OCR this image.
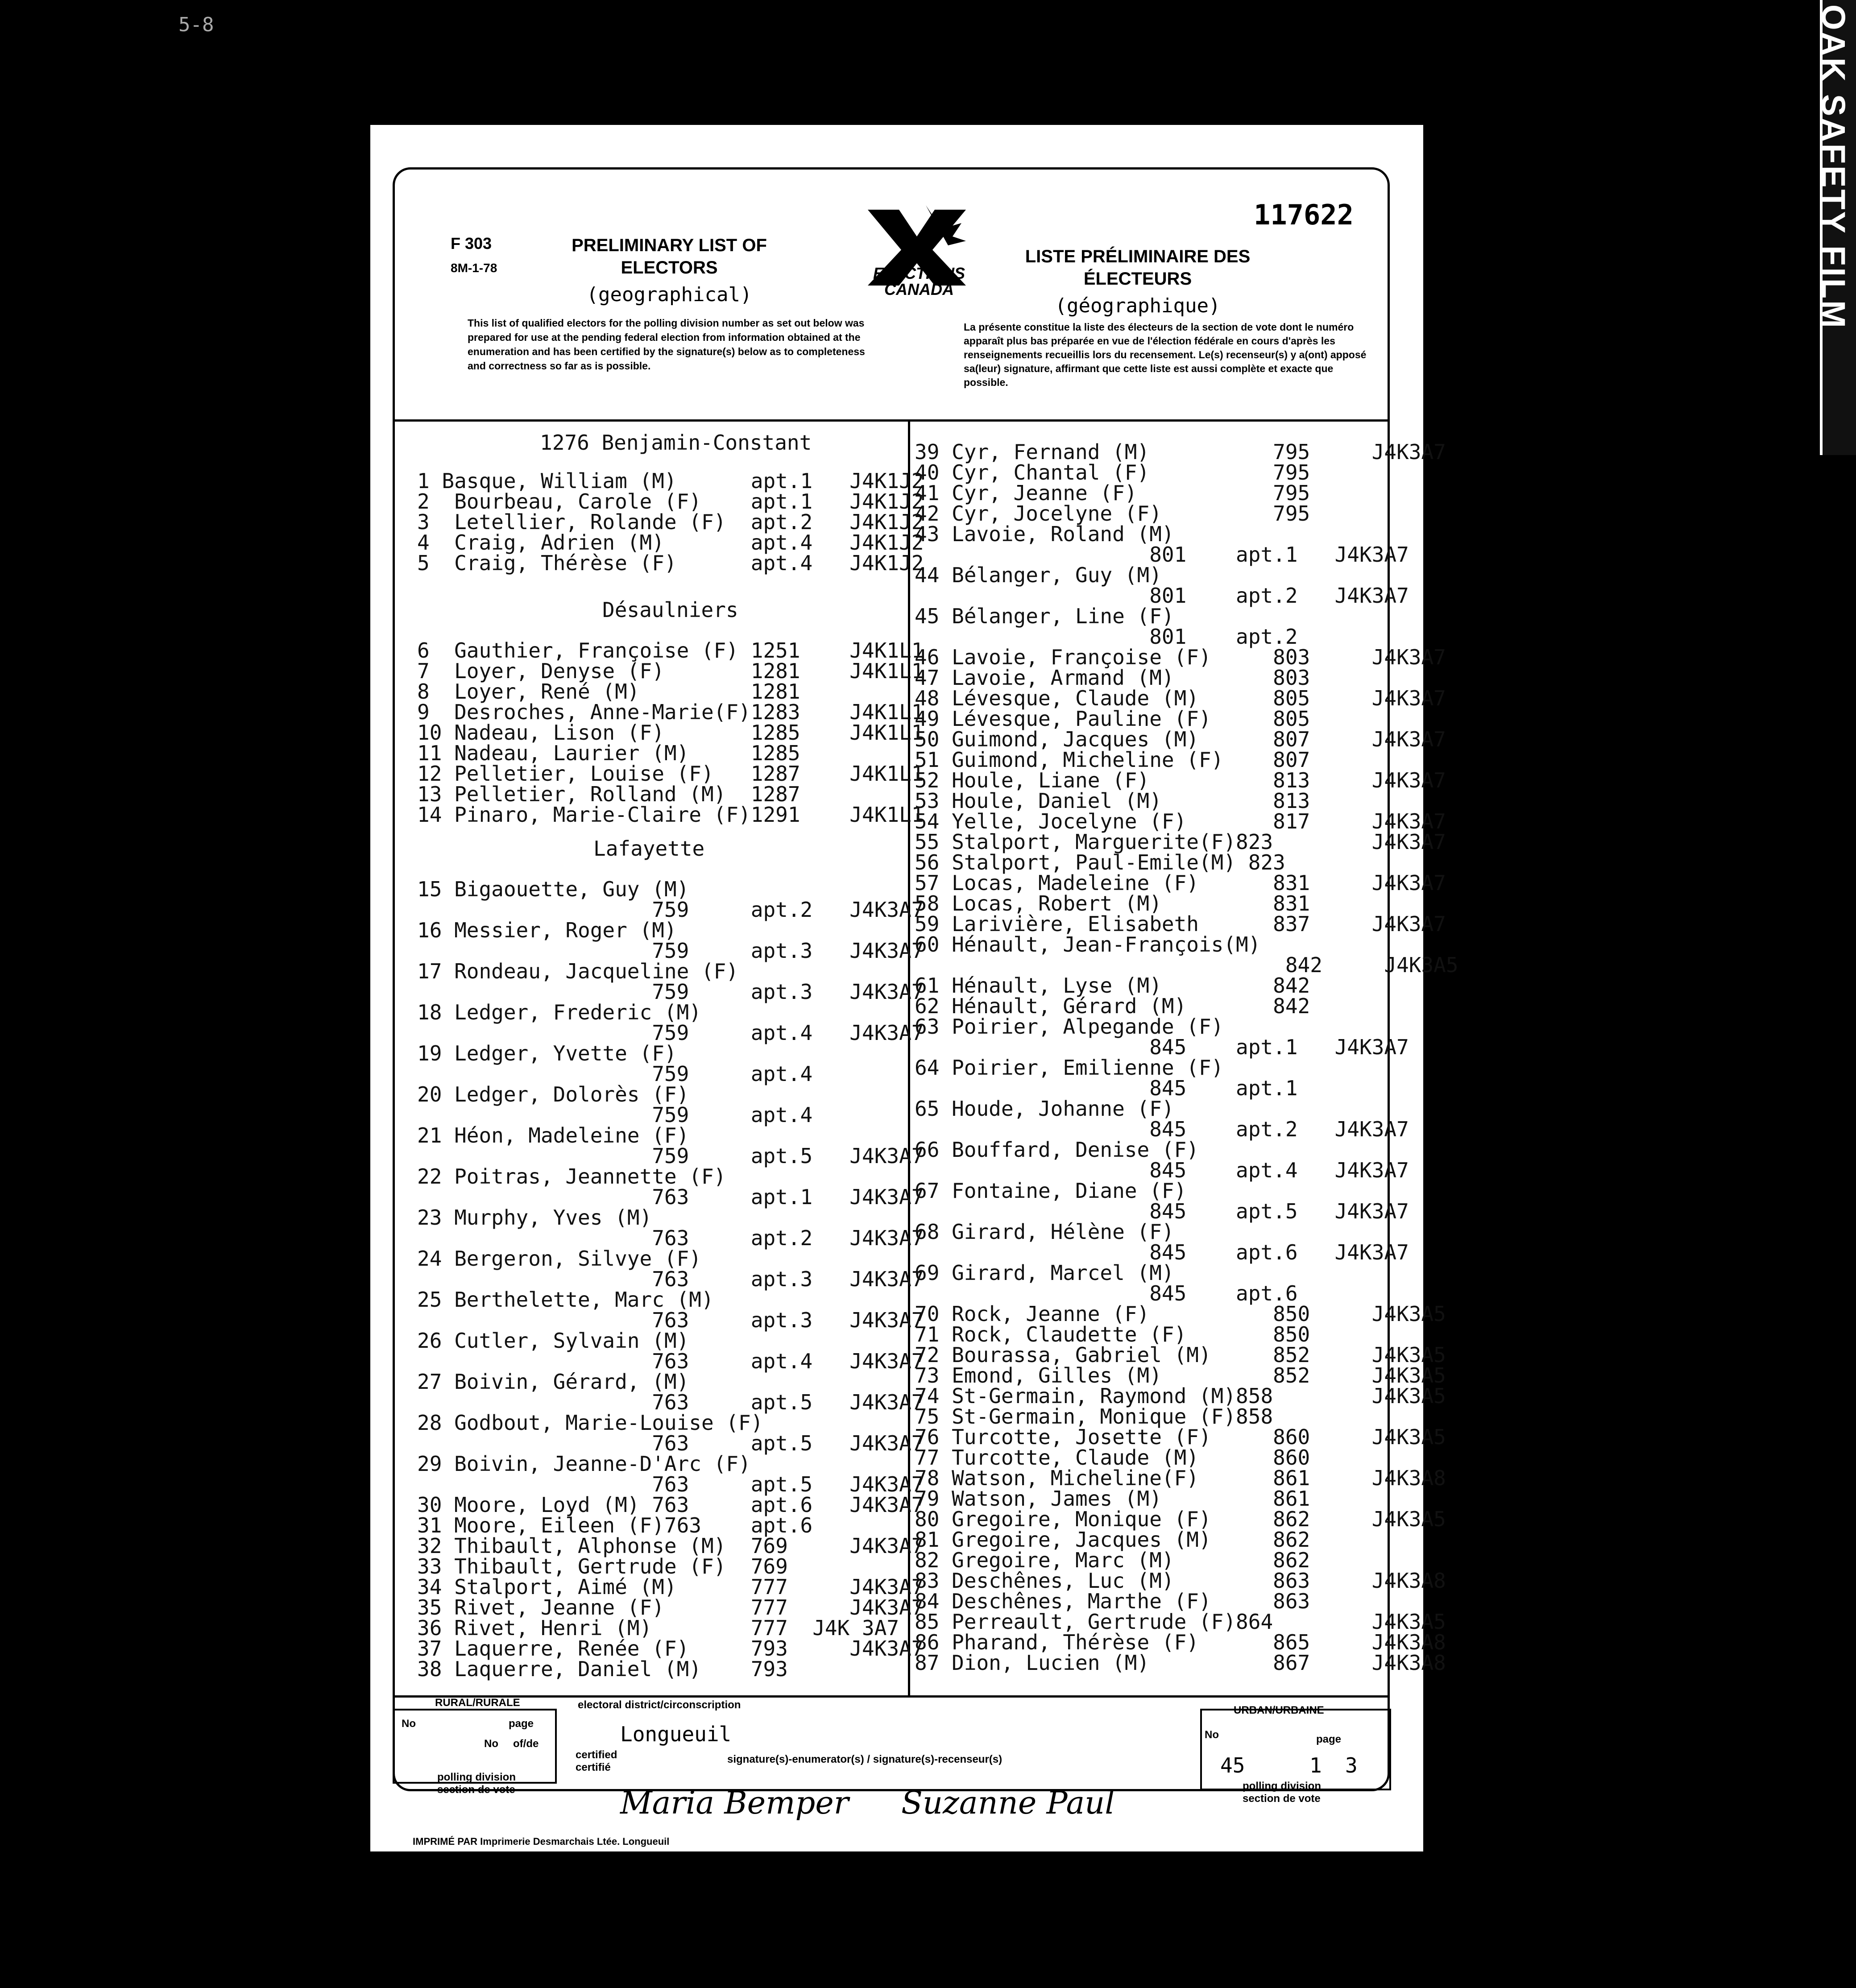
OAK SAFETY FILM
5-8
F 303
8M-1-78
PRELIMINARY LIST OF ELECTORS
(geographical)
LISTE PRÉLIMINAIRE DES ÉLECTEURS
(géographique)
This list of qualified electors for the polling division number as set out below was prepared for use at the pending federal election from information obtained at the enumeration and has been certified by the signature(s) below as to completeness and correctness so far as is possible.
La présente constitue la liste des électeurs de la section de vote dont le numéro apparaît plus bas préparée en vue de l'élection fédérale en cours d'après les renseignements recueillis lors du recensement. Le(s) recenseur(s) y a(ont) apposé sa(leur) signature, affirmant que cette liste est aussi complète et exacte que possible.
117622
ELECTIONS CANADA
1276 Benjamin-Constant
Désaulniers
Lafayette
RURAL/RURALE
No	page
No of/de
polling division
section de vote
electoral district/circonscription
Longueuil
certified
certifié
signature(s)-enumerator(s) / signature(s)-recenseur(s)
Maria Bemper Suzanne Paul
URBAN/URBAINE
No	page
45	1 3
polling division
section de vote
IMPRIMÉ PAR Imprimerie Desmarchais Ltée. Longueuil
1 Basque, William (M)      apt.1   J4K1J2
2  Bourbeau, Carole (F)    apt.1   J4K1J2
3  Letellier, Rolande (F)  apt.2   J4K1J2
4  Craig, Adrien (M)       apt.4   J4K1J2
5  Craig, Thérèse (F)      apt.4   J4K1J2
6  Gauthier, Françoise (F) 1251    J4K1L1
7  Loyer, Denyse (F)       1281    J4K1L1
8  Loyer, René (M)         1281
9  Desroches, Anne-Marie(F)1283    J4K1L1
10 Nadeau, Lison (F)       1285    J4K1L1
11 Nadeau, Laurier (M)     1285
12 Pelletier, Louise (F)   1287    J4K1L1
13 Pelletier, Rolland (M)  1287
14 Pinaro, Marie-Claire (F)1291    J4K1L1
15 Bigaouette, Guy (M)
759     apt.2   J4K3A7
16 Messier, Roger (M)
759     apt.3   J4K3A7
17 Rondeau, Jacqueline (F)
759     apt.3   J4K3A7
18 Ledger, Frederic (M)
759     apt.4   J4K3A7
19 Ledger, Yvette (F)
759     apt.4
20 Ledger, Dolorès (F)
759     apt.4
21 Héon, Madeleine (F)
759     apt.5   J4K3A7
22 Poitras, Jeannette (F)
763     apt.1   J4K3A7
23 Murphy, Yves (M)
763     apt.2   J4K3A7
24 Bergeron, Silvye (F)
763     apt.3   J4K3A7
25 Berthelette, Marc (M)
763     apt.3   J4K3A7
26 Cutler, Sylvain (M)
763     apt.4   J4K3A7
27 Boivin, Gérard, (M)
763     apt.5   J4K3A7
28 Godbout, Marie-Louise (F)
763     apt.5   J4K3A7
29 Boivin, Jeanne-D'Arc (F)
763     apt.5   J4K3A7
30 Moore, Loyd (M) 763     apt.6   J4K3A7
31 Moore, Eileen (F)763    apt.6
32 Thibault, Alphonse (M)  769     J4K3A7
33 Thibault, Gertrude (F)  769
34 Stalport, Aimé (M)      777     J4K3A7
35 Rivet, Jeanne (F)       777     J4K3A7
36 Rivet, Henri (M)        777  J4K 3A7
37 Laquerre, Renée (F)     793     J4K3A7
38 Laquerre, Daniel (M)    793
39 Cyr, Fernand (M)          795     J4K3A7
40 Cyr, Chantal (F)          795
41 Cyr, Jeanne (F)           795
42 Cyr, Jocelyne (F)         795
43 Lavoie, Roland (M)
801    apt.1   J4K3A7
44 Bélanger, Guy (M)
801    apt.2   J4K3A7
45 Bélanger, Line (F)
801    apt.2
46 Lavoie, Françoise (F)     803     J4K3A7
47 Lavoie, Armand (M)        803
48 Lévesque, Claude (M)      805     J4K3A7
49 Lévesque, Pauline (F)     805
50 Guimond, Jacques (M)      807     J4K3A7
51 Guimond, Micheline (F)    807
52 Houle, Liane (F)          813     J4K3A7
53 Houle, Daniel (M)         813
54 Yelle, Jocelyne (F)       817     J4K3A7
55 Stalport, Marguerite(F)823        J4K3A7
56 Stalport, Paul-Emile(M) 823
57 Locas, Madeleine (F)      831     J4K3A7
58 Locas, Robert (M)         831
59 Larivière, Elisabeth      837     J4K3A7
60 Hénault, Jean-François(M)
842     J4K3A5
61 Hénault, Lyse (M)         842
62 Hénault, Gérard (M)       842
63 Poirier, Alpegande (F)
845    apt.1   J4K3A7
64 Poirier, Emilienne (F)
845    apt.1
65 Houde, Johanne (F)
845    apt.2   J4K3A7
66 Bouffard, Denise (F)
845    apt.4   J4K3A7
67 Fontaine, Diane (F)
845    apt.5   J4K3A7
68 Girard, Hélène (F)
845    apt.6   J4K3A7
69 Girard, Marcel (M)
845    apt.6
70 Rock, Jeanne (F)          850     J4K3A5
71 Rock, Claudette (F)       850
72 Bourassa, Gabriel (M)     852     J4K3A5
73 Emond, Gilles (M)         852     J4K3A5
74 St-Germain, Raymond (M)858        J4K3A5
75 St-Germain, Monique (F)858
76 Turcotte, Josette (F)     860     J4K3A5
77 Turcotte, Claude (M)      860
78 Watson, Micheline(F)      861     J4K3A8
79 Watson, James (M)         861
80 Gregoire, Monique (F)     862     J4K3A5
81 Gregoire, Jacques (M)     862
82 Gregoire, Marc (M)        862
83 Deschênes, Luc (M)        863     J4K3A8
84 Deschênes, Marthe (F)     863
85 Perreault, Gertrude (F)864        J4K3A5
86 Pharand, Thérèse (F)      865     J4K3A8
87 Dion, Lucien (M)          867     J4K3A8
